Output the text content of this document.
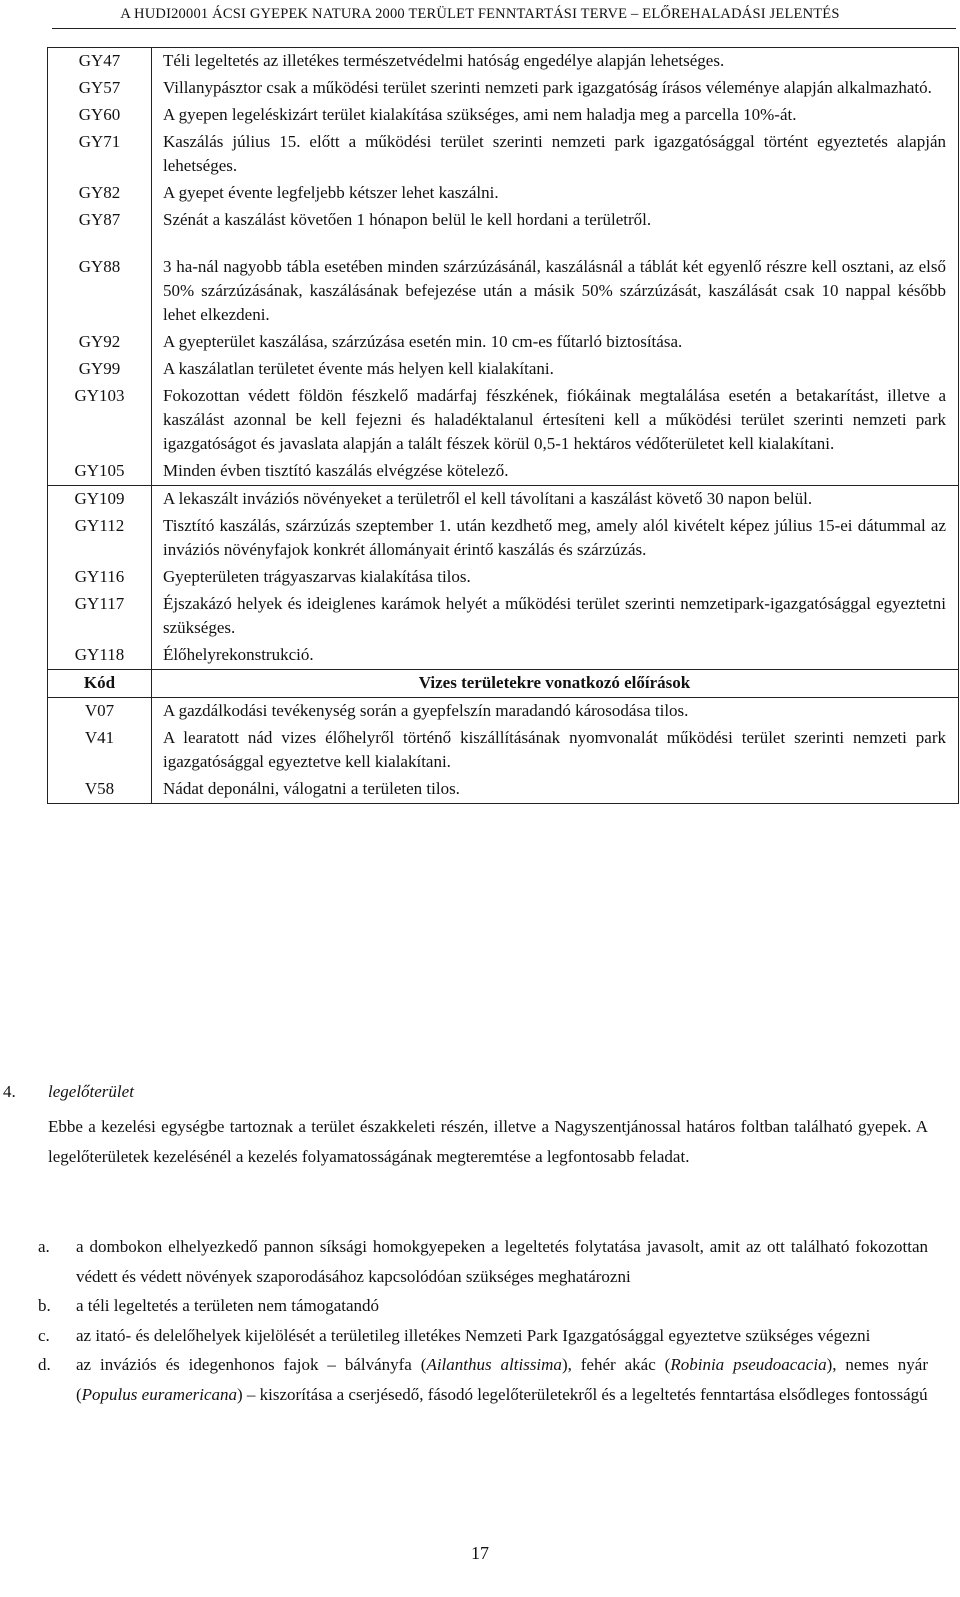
A HUDI20001 ÁCSI GYEPEK NATURA 2000 TERÜLET FENNTARTÁSI TERVE – ELŐREHALADÁSI JELENTÉS
GY47	Téli legeltetés az illetékes természetvédelmi hatóság engedélye alapján lehetséges.
GY57	Villanypásztor csak a működési terület szerinti nemzeti park igazgatóság írásos véleménye alapján alkalmazható.
GY60	A gyepen legeléskizárt terület kialakítása szükséges, ami nem haladja meg a parcella 10%-át.
GY71	Kaszálás július 15. előtt a működési terület szerinti nemzeti park igazgatósággal történt egyeztetés alapján lehetséges.
GY82	A gyepet évente legfeljebb kétszer lehet kaszálni.
GY87	Szénát a kaszálást követően 1 hónapon belül le kell hordani a területről.

GY88	3 ha-nál nagyobb tábla esetében minden szárzúzásánál, kaszálásnál a táblát két egyenlő részre kell osztani, az első 50% szárzúzásának, kaszálásának befejezése után a másik 50% szárzúzását, kaszálását csak 10 nappal később lehet elkezdeni.
GY92	A gyepterület kaszálása, szárzúzása esetén min. 10 cm-es fűtarló biztosítása.
GY99	A kaszálatlan területet évente más helyen kell kialakítani.
GY103	Fokozottan védett földön fészkelő madárfaj fészkének, fiókáinak megtalálása esetén a betakarítást, illetve a kaszálást azonnal be kell fejezni és haladéktalanul értesíteni kell a működési terület szerinti nemzeti park igazgatóságot és javaslata alapján a talált fészek körül 0,5-1 hektáros védőterületet kell kialakítani.
GY105	Minden évben tisztító kaszálás elvégzése kötelező.
GY109	A lekaszált inváziós növényeket a területről el kell távolítani a kaszálást követő 30 napon belül.
GY112	Tisztító kaszálás, szárzúzás szeptember 1. után kezdhető meg, amely alól kivételt képez július 15-ei dátummal az inváziós növényfajok konkrét állományait érintő kaszálás és szárzúzás.
GY116	Gyepterületen trágyaszarvas kialakítása tilos.
GY117	Éjszakázó helyek és ideiglenes karámok helyét a működési terület szerinti nemzetipark-igazgatósággal egyeztetni szükséges.
GY118	Élőhelyrekonstrukció.
Kód	Vizes területekre vonatkozó előírások
V07	A gazdálkodási tevékenység során a gyepfelszín maradandó károsodása tilos.
V41	A learatott nád vizes élőhelyről történő kiszállításának nyomvonalát működési terület szerinti nemzeti park igazgatósággal egyeztetve kell kialakítani.
V58	Nádat deponálni, válogatni a területen tilos.
4. legelőterület
Ebbe a kezelési egységbe tartoznak a terület északkeleti részén, illetve a Nagyszentjánossal határos foltban található gyepek. A legelőterületek kezelésénél a kezelés folyamatosságának megteremtése a legfontosabb feladat.
a. a dombokon elhelyezkedő pannon síksági homokgyepeken a legeltetés folytatása javasolt, amit az ott található fokozottan védett és védett növények szaporodásához kapcsolódóan szükséges meghatározni
b. a téli legeltetés a területen nem támogatandó
c. az itató- és delelőhelyek kijelölését a területileg illetékes Nemzeti Park Igazgatósággal egyeztetve szükséges végezni
d. az inváziós és idegenhonos fajok – bálványfa (Ailanthus altissima), fehér akác (Robinia pseudoacacia), nemes nyár (Populus euramericana) – kiszorítása a cserjésedő, fásodó legelőterületekről és a legeltetés fenntartása elsődleges fontosságú
17
